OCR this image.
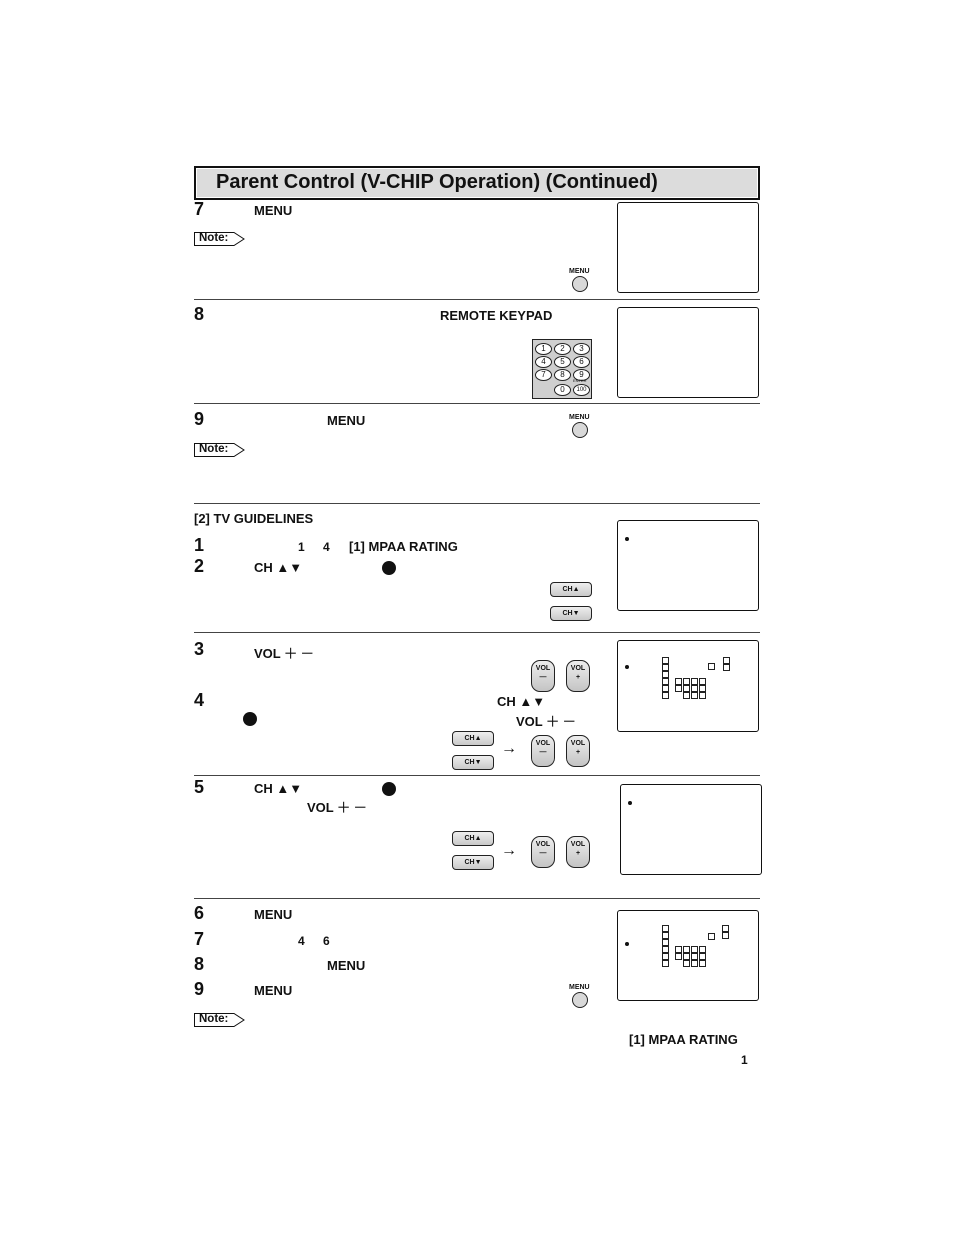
Parent Control (V-CHIP Operation) (Continued)
7	MENU
Note:
MENU
8	REMOTE KEYPAD
1	2	3
4	5	6
7	8	9
ENTER
0	100
9	MENU	MENU
Note:
[2] TV GUIDELINES
1	1 4 [1] MPAA RATING
2	CH ▲▼
CH▲
CH▼
3	VOL ＋ －
VOL
—
VOL
+
4	CH ▲▼
VOL ＋ －
CH▲
CH▼
→	VOL
—
VOL
+
5	CH ▲▼
VOL ＋ －
CH▲
CH▼
→	VOL
—
VOL
+
6	MENU
7	4 6
8	MENU
9	MENU	MENU
Note:
[1] MPAA RATING
1
